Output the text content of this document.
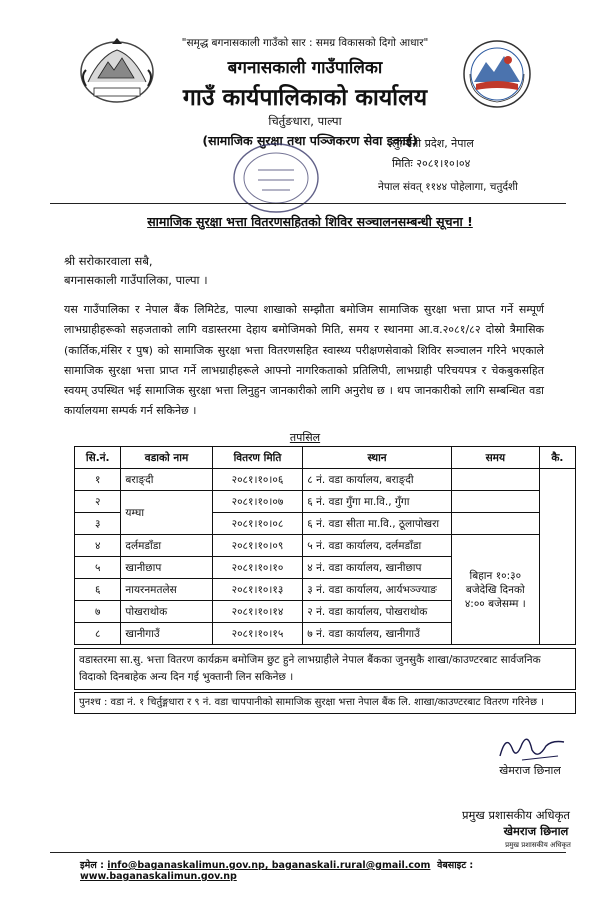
"समृद्ध बगनासकाली गाउँको सार : समग्र विकासको दिगो आधार"
बगनासकाली गाउँपालिका
गाउँ कार्यपालिकाको कार्यालय
चिर्तुङधारा, पाल्पा
(सामाजिक सुरक्षा तथा पञ्जिकरण सेवा इकाई)
लुम्बिनी प्रदेश, नेपाल
मितिः २०८१।१०।०४
नेपाल संवत् ११४४ पोहेलागा, चतुर्दशी
सामाजिक सुरक्षा भत्ता वितरणसहितको शिविर सञ्चालनसम्बन्धी सूचना !
श्री सरोकारवाला सबै,
बगनासकाली गाउँपालिका, पाल्पा ।
यस गाउँपालिका र नेपाल बैंक लिमिटेड, पाल्पा शाखाको सम्झौता बमोजिम सामाजिक सुरक्षा भत्ता प्राप्त गर्ने सम्पूर्ण लाभग्राहीहरूको सहजताको लागि वडास्तरमा देहाय बमोजिमको मिति, समय र स्थानमा आ.व.२०८१/८२ दोस्रो त्रैमासिक (कार्तिक,मंसिर र पुष) को सामाजिक सुरक्षा भत्ता वितरणसहित स्वास्थ्य परीक्षणसेवाको शिविर सञ्चालन गरिने भएकाले सामाजिक सुरक्षा भत्ता प्राप्त गर्ने लाभग्राहीहरूले आफ्नो नागरिकताको प्रतिलिपी, लाभग्राही परिचयपत्र र चेकबुकसहित स्वयम् उपस्थित भई सामाजिक सुरक्षा भत्ता लिनुहुन जानकारीको लागि अनुरोध छ । थप जानकारीको लागि सम्बन्धित वडा कार्यालयमा सम्पर्क गर्न सकिनेछ ।
तपसिल
सि.नं.	वडाको नाम	वितरण मिति	स्थान	समय	कै.
१	बराङ्दी	२०८१।१०।०६	८ नं. वडा कार्यालय, बराङ्दी		
२	यम्घा	२०८१।१०।०७	६ नं. वडा गुँगा मा.वि., गुँगा		
३		२०८१।१०।०८	६ नं. वडा सीता मा.वि., ठूलापोखरा		
४	दर्लमडाँडा	२०८१।१०।०९	५ नं. वडा कार्यालय, दर्लमडाँडा	बिहान १०:३० बजेदेखि दिनको ४:०० बजेसम्म ।	
५	खानीछाप	२०८१।१०।१०	४ नं. वडा कार्यालय, खानीछाप		
६	नायरनमतलेस	२०८१।१०।१३	३ नं. वडा कार्यालय, आर्यभञ्ज्याङ		
७	पोखराथोक	२०८१।१०।१४	२ नं. वडा कार्यालय, पोखराथोक		
८	खानीगाउँ	२०८१।१०।१५	७ नं. वडा कार्यालय, खानीगाउँ		
वडास्तरमा सा.सु. भत्ता वितरण कार्यक्रम बमोजिम छुट हुने लाभग्राहीले नेपाल बैंकका जुनसुकै शाखा/काउण्टरबाट सार्वजनिक विदाको दिनबाहेक अन्य दिन गई भुक्तानी लिन सकिनेछ ।
पुनश्च : वडा नं. १ चिर्तुङ्गधारा र ९ नं. वडा चापपानीको सामाजिक सुरक्षा भत्ता नेपाल बैंक लि. शाखा/काउण्टरबाट वितरण गरिनेछ ।
खेमराज छिनाल
प्रमुख प्रशासकीय अधिकृत
खेमराज छिनाल
प्रमुख प्रशासकीय अधिकृत
इमेल : info@baganaskalimun.gov.np, baganaskali.rural@gmail.com वेबसाइट : www.baganaskalimun.gov.np
